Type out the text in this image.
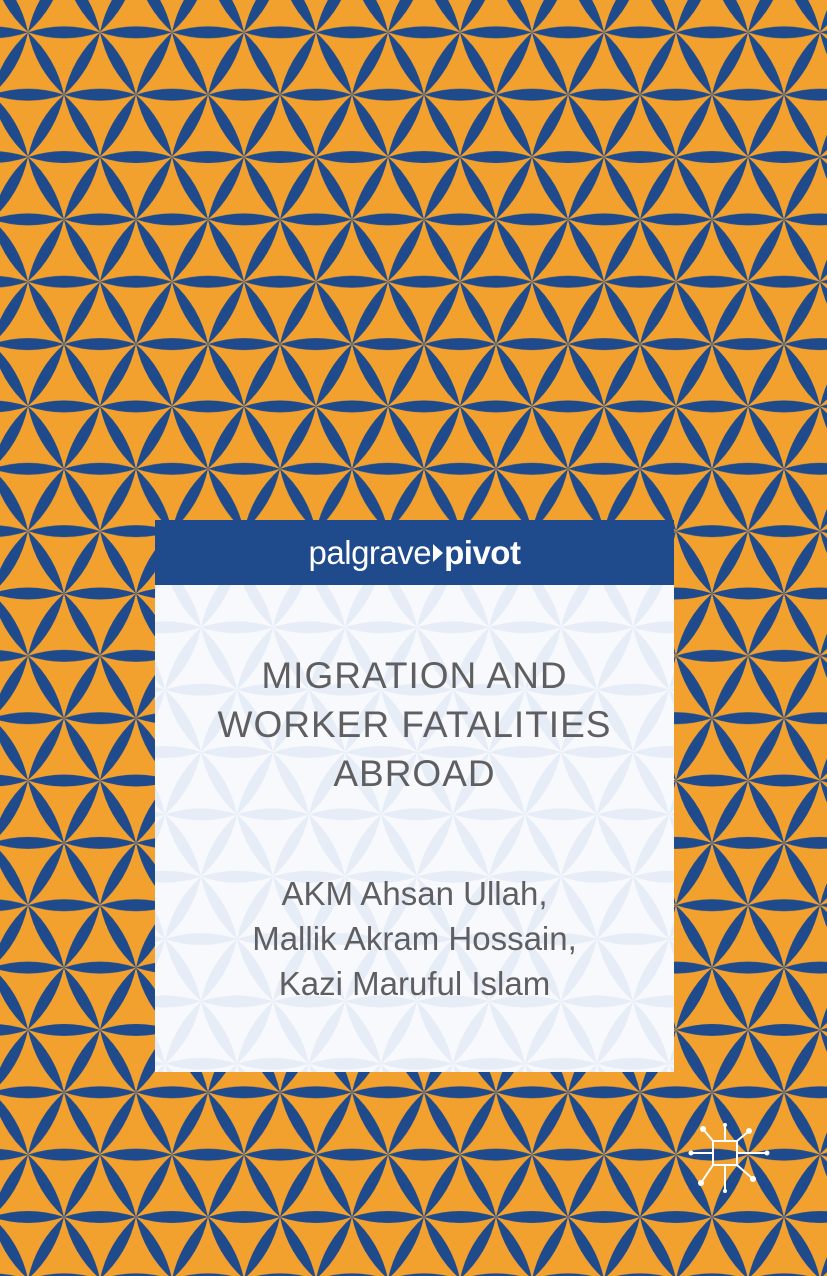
palgrave pivot
MIGRATION AND
WORKER FATALITIES
ABROAD
AKM Ahsan Ullah,
Mallik Akram Hossain,
Kazi Maruful Islam
